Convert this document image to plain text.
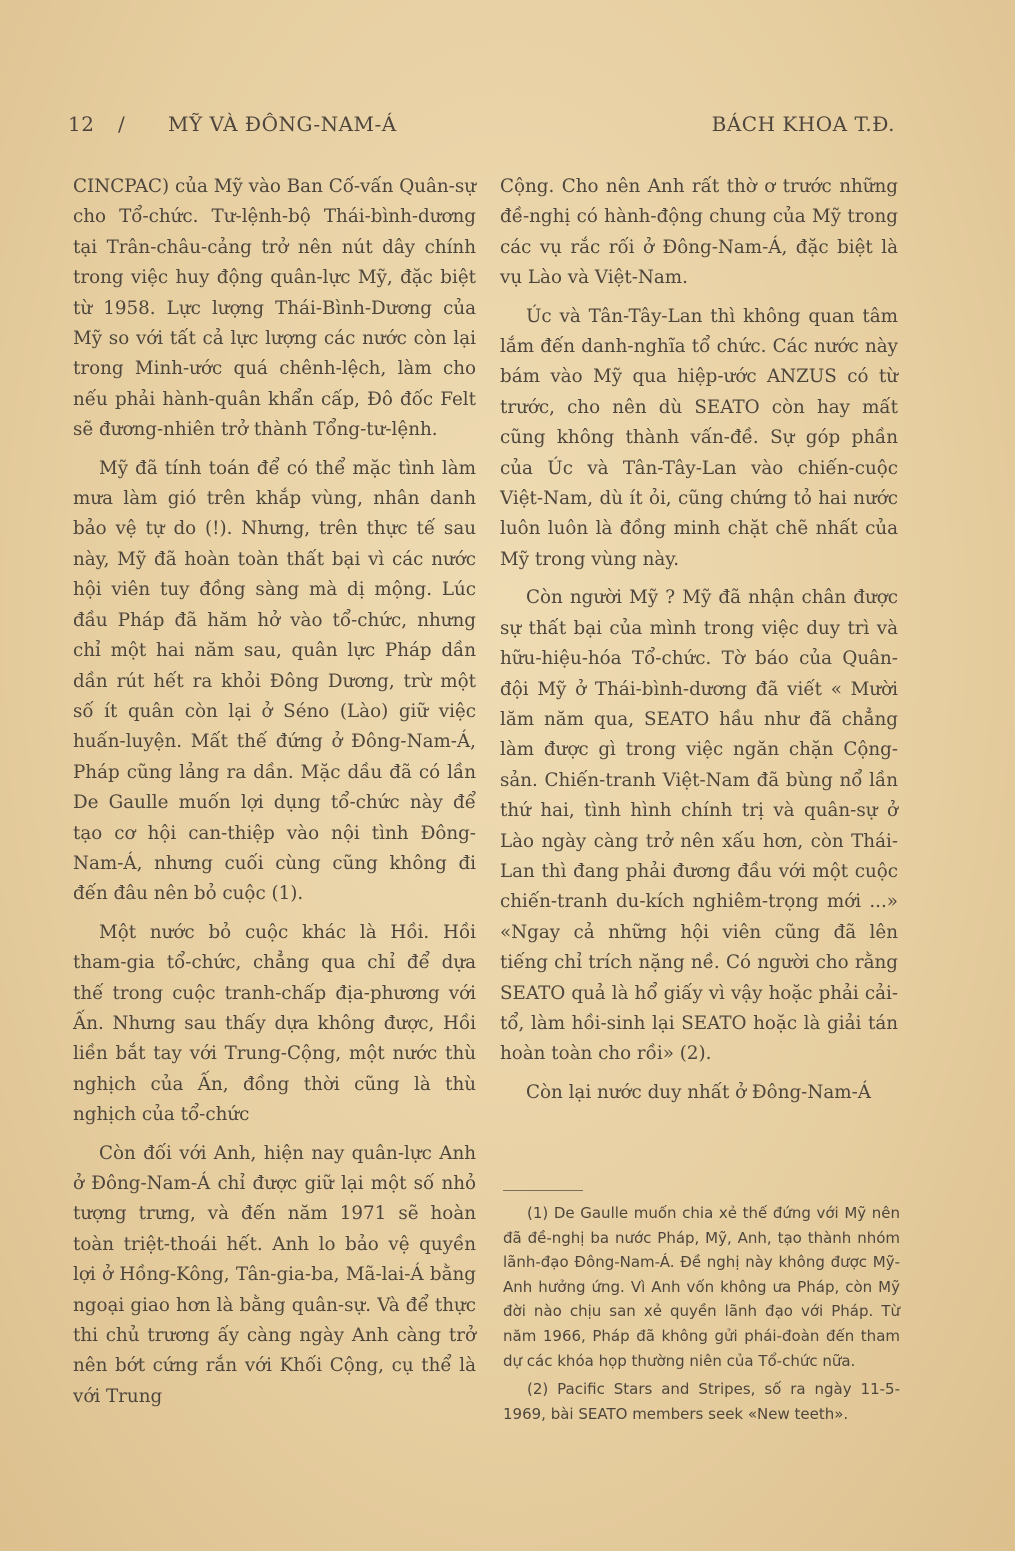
12 / MỸ VÀ ĐÔNG-NAM-Á	BÁCH KHOA T.Đ.

CINCPAC) của Mỹ vào Ban Cố-vấn Quân-sự cho Tổ-chức. Tư-lệnh-bộ Thái-bình-dương tại Trân-châu-cảng trở nên nút dây chính trong việc huy động quân-lực Mỹ, đặc biệt từ 1958. Lực lượng Thái-Bình-Dương của Mỹ so với tất cả lực lượng các nước còn lại trong Minh-ước quá chênh-lệch, làm cho nếu phải hành-quân khẩn cấp, Đô đốc Felt sẽ đương-nhiên trở thành Tổng-tư-lệnh.

Mỹ đã tính toán để có thể mặc tình làm mưa làm gió trên khắp vùng, nhân danh bảo vệ tự do (!). Nhưng, trên thực tế sau này, Mỹ đã hoàn toàn thất bại vì các nước hội viên tuy đồng sàng mà dị mộng. Lúc đầu Pháp đã hăm hở vào tổ-chức, nhưng chỉ một hai năm sau, quân lực Pháp dần dần rút hết ra khỏi Đông Dương, trừ một số ít quân còn lại ở Séno (Lào) giữ việc huấn-luyện. Mất thế đứng ở Đông-Nam-Á, Pháp cũng lảng ra dần. Mặc dầu đã có lần De Gaulle muốn lợi dụng tổ-chức này để tạo cơ hội can-thiệp vào nội tình Đông-Nam-Á, nhưng cuối cùng cũng không đi đến đâu nên bỏ cuộc (1).

Một nước bỏ cuộc khác là Hồi. Hồi tham-gia tổ-chức, chẳng qua chỉ để dựa thế trong cuộc tranh-chấp địa-phương với Ấn. Nhưng sau thấy dựa không được, Hồi liền bắt tay với Trung-Cộng, một nước thù nghịch của Ấn, đồng thời cũng là thù nghịch của tổ-chức

Còn đối với Anh, hiện nay quân-lực Anh ở Đông-Nam-Á chỉ được giữ lại một số nhỏ tượng trưng, và đến năm 1971 sẽ hoàn toàn triệt-thoái hết. Anh lo bảo vệ quyền lợi ở Hồng-Kông, Tân-gia-ba, Mã-lai-Á bằng ngoại giao hơn là bằng quân-sự. Và để thực thi chủ trương ấy càng ngày Anh càng trở nên bớt cứng rắn với Khối Cộng, cụ thể là với Trung

Cộng. Cho nên Anh rất thờ ơ trước những đề-nghị có hành-động chung của Mỹ trong các vụ rắc rối ở Đông-Nam-Á, đặc biệt là vụ Lào và Việt-Nam.

Úc và Tân-Tây-Lan thì không quan tâm lắm đến danh-nghĩa tổ chức. Các nước này bám vào Mỹ qua hiệp-ước ANZUS có từ trước, cho nên dù SEATO còn hay mất cũng không thành vấn-đề. Sự góp phần của Úc và Tân-Tây-Lan vào chiến-cuộc Việt-Nam, dù ít ỏi, cũng chứng tỏ hai nước luôn luôn là đồng minh chặt chẽ nhất của Mỹ trong vùng này.

Còn người Mỹ ? Mỹ đã nhận chân được sự thất bại của mình trong việc duy trì và hữu-hiệu-hóa Tổ-chức. Tờ báo của Quân-đội Mỹ ở Thái-bình-dương đã viết « Mười lăm năm qua, SEATO hầu như đã chẳng làm được gì trong việc ngăn chặn Cộng-sản. Chiến-tranh Việt-Nam đã bùng nổ lần thứ hai, tình hình chính trị và quân-sự ở Lào ngày càng trở nên xấu hơn, còn Thái-Lan thì đang phải đương đầu với một cuộc chiến-tranh du-kích nghiêm-trọng mới ...» «Ngay cả những hội viên cũng đã lên tiếng chỉ trích nặng nề. Có người cho rằng SEATO quả là hổ giấy vì vậy hoặc phải cải-tổ, làm hồi-sinh lại SEATO hoặc là giải tán hoàn toàn cho rồi» (2).

Còn lại nước duy nhất ở Đông-Nam-Á

(1) De Gaulle muốn chia xẻ thế đứng với Mỹ nên đã đề-nghị ba nước Pháp, Mỹ, Anh, tạo thành nhóm lãnh-đạo Đông-Nam-Á. Đề nghị này không được Mỹ-Anh hưởng ứng. Vì Anh vốn không ưa Pháp, còn Mỹ đời nào chịu san xẻ quyền lãnh đạo với Pháp. Từ năm 1966, Pháp đã không gửi phái-đoàn đến tham dự các khóa họp thường niên của Tổ-chức nữa.

(2) Pacific Stars and Stripes, số ra ngày 11-5-1969, bài SEATO members seek «New teeth».
